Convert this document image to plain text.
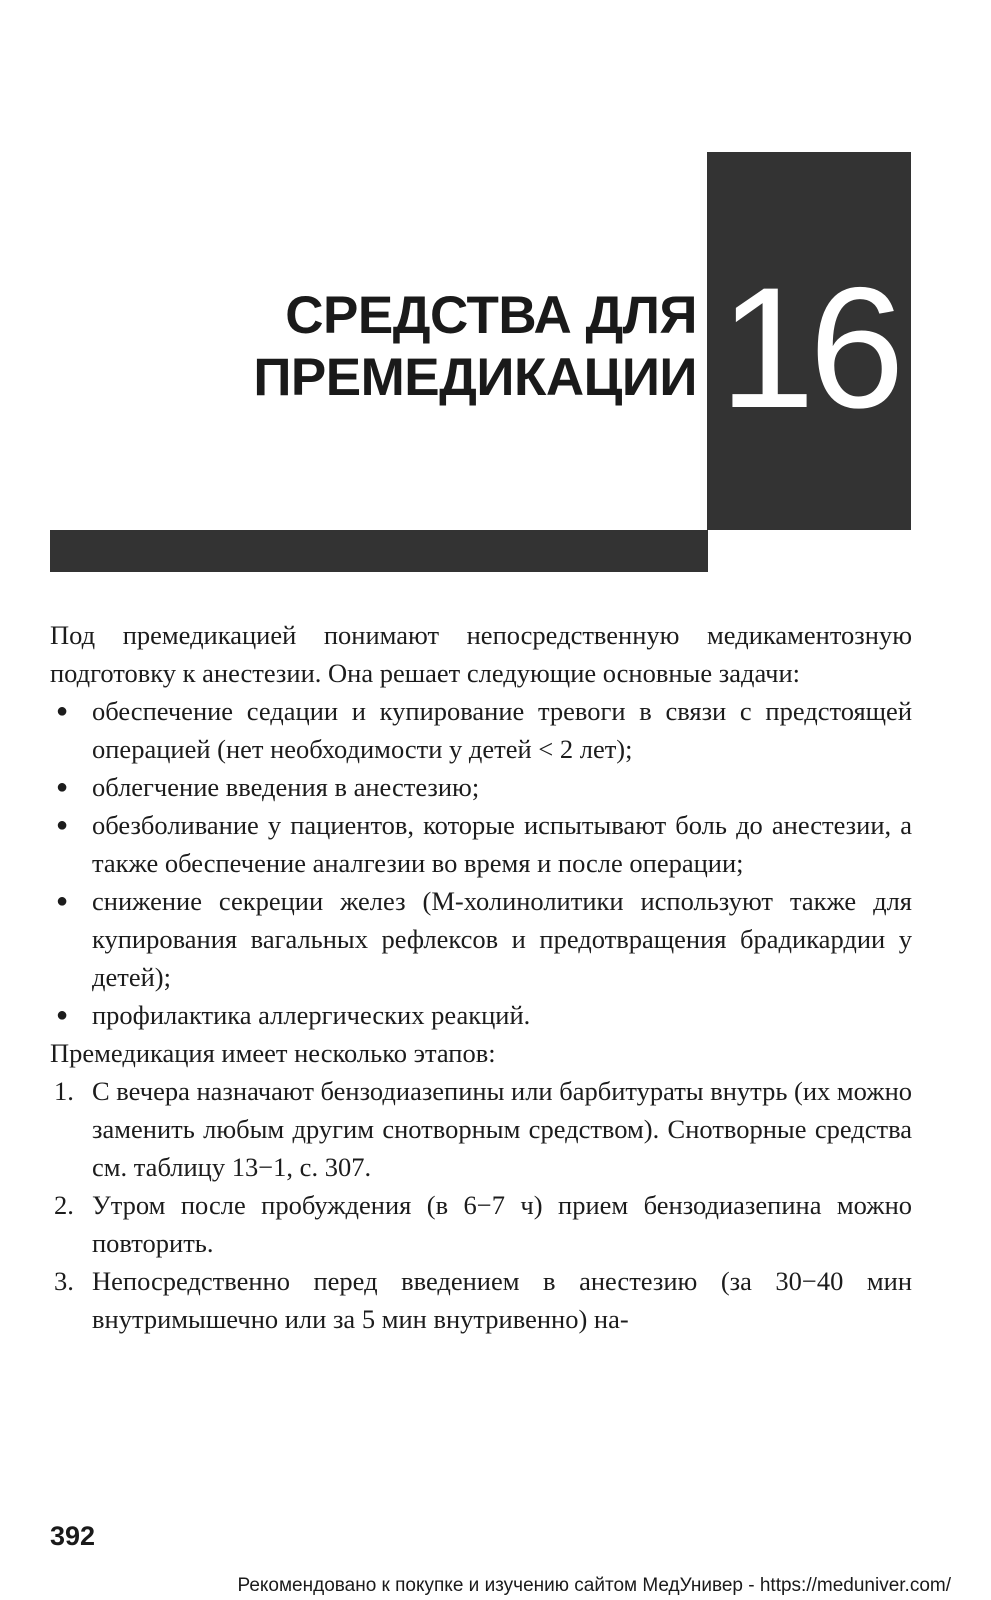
16
СРЕДСТВА ДЛЯ
ПРЕМЕДИКАЦИИ

Под премедикацией понимают непосредственную медикаментозную подготовку к анестезии. Она решает следующие основные задачи:

● обеспечение седации и купирование тревоги в связи с предстоящей операцией (нет необходимости у детей < 2 лет);
● облегчение введения в анестезию;
● обезболивание у пациентов, которые испытывают боль до анестезии, а также обеспечение аналгезии во время и после операции;
● снижение секреции желез (М-холинолитики используют также для купирования вагальных рефлексов и предотвращения брадикардии у детей);
● профилактика аллергических реакций.

Премедикация имеет несколько этапов:

1. С вечера назначают бензодиазепины или барбитураты внутрь (их можно заменить любым другим снотворным средством). Снотворные средства см. таблицу 13−1, с. 307.
2. Утром после пробуждения (в 6−7 ч) прием бензодиазепина можно повторить.
3. Непосредственно перед введением в анестезию (за 30−40 мин внутримышечно или за 5 мин внутривенно) на-
392
Рекомендовано к покупке и изучению сайтом МедУнивер - https://meduniver.com/
